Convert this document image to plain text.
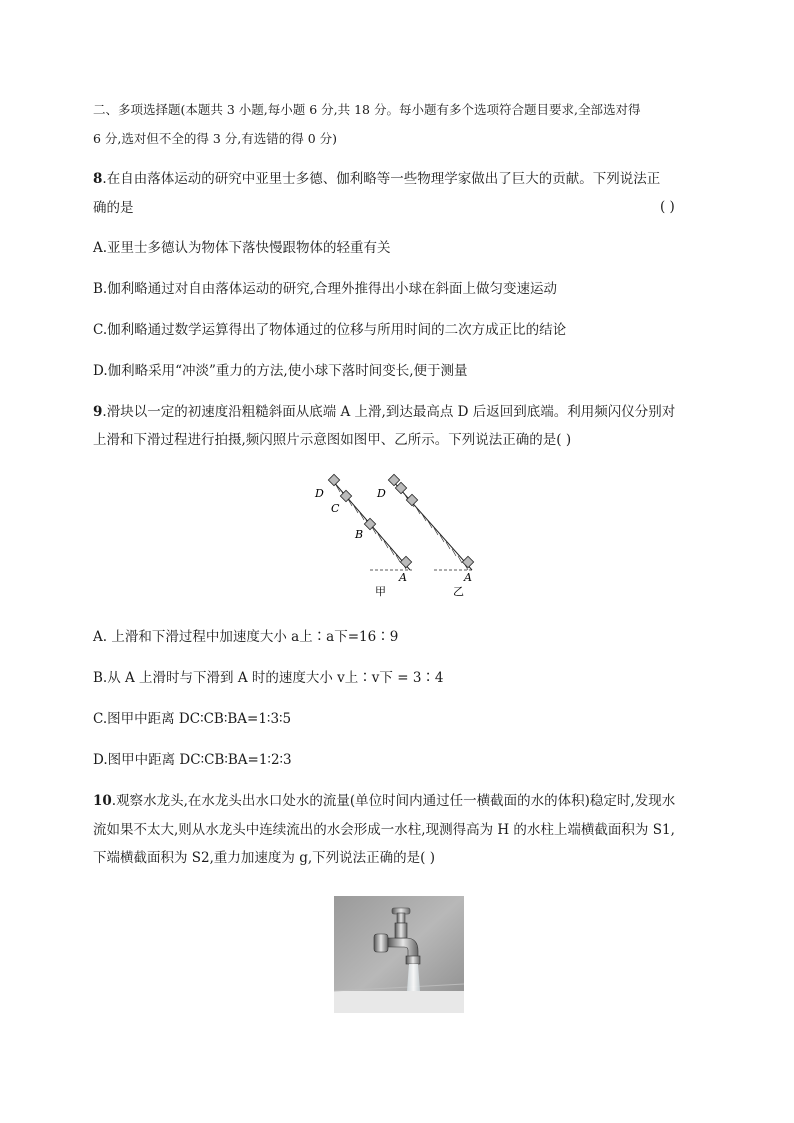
二、多项选择题(本题共 3 小题,每小题 6 分,共 18 分。每小题有多个选项符合题目要求,全部选对得
6 分,选对但不全的得 3 分,有选错的得 0 分)
8.在自由落体运动的研究中亚里士多德、伽利略等一些物理学家做出了巨大的贡献。下列说法正
确的是	( )
A.亚里士多德认为物体下落快慢跟物体的轻重有关
B.伽利略通过对自由落体运动的研究,合理外推得出小球在斜面上做匀变速运动
C.伽利略通过数学运算得出了物体通过的位移与所用时间的二次方成正比的结论
D.伽利略采用“冲淡”重力的方法,使小球下落时间变长,便于测量
9.滑块以一定的初速度沿粗糙斜面从底端 A 上滑,到达最高点 D 后返回到底端。利用频闪仪分别对
上滑和下滑过程进行拍摄,频闪照片示意图如图甲、乙所示。下列说法正确的是( )
D
C
B
A
甲
D
A
乙
A. 上滑和下滑过程中加速度大小 a上∶a下=16∶9
B.从 A 上滑时与下滑到 A 时的速度大小 v上∶v下 = 3∶4
C.图甲中距离 DC∶CB∶BA=1∶3∶5
D.图甲中距离 DC∶CB∶BA=1∶2∶3
10.观察水龙头,在水龙头出水口处水的流量(单位时间内通过任一横截面的水的体积)稳定时,发现水
流如果不太大,则从水龙头中连续流出的水会形成一水柱,现测得高为 H 的水柱上端横截面积为 S1,
下端横截面积为 S2,重力加速度为 g,下列说法正确的是( )
